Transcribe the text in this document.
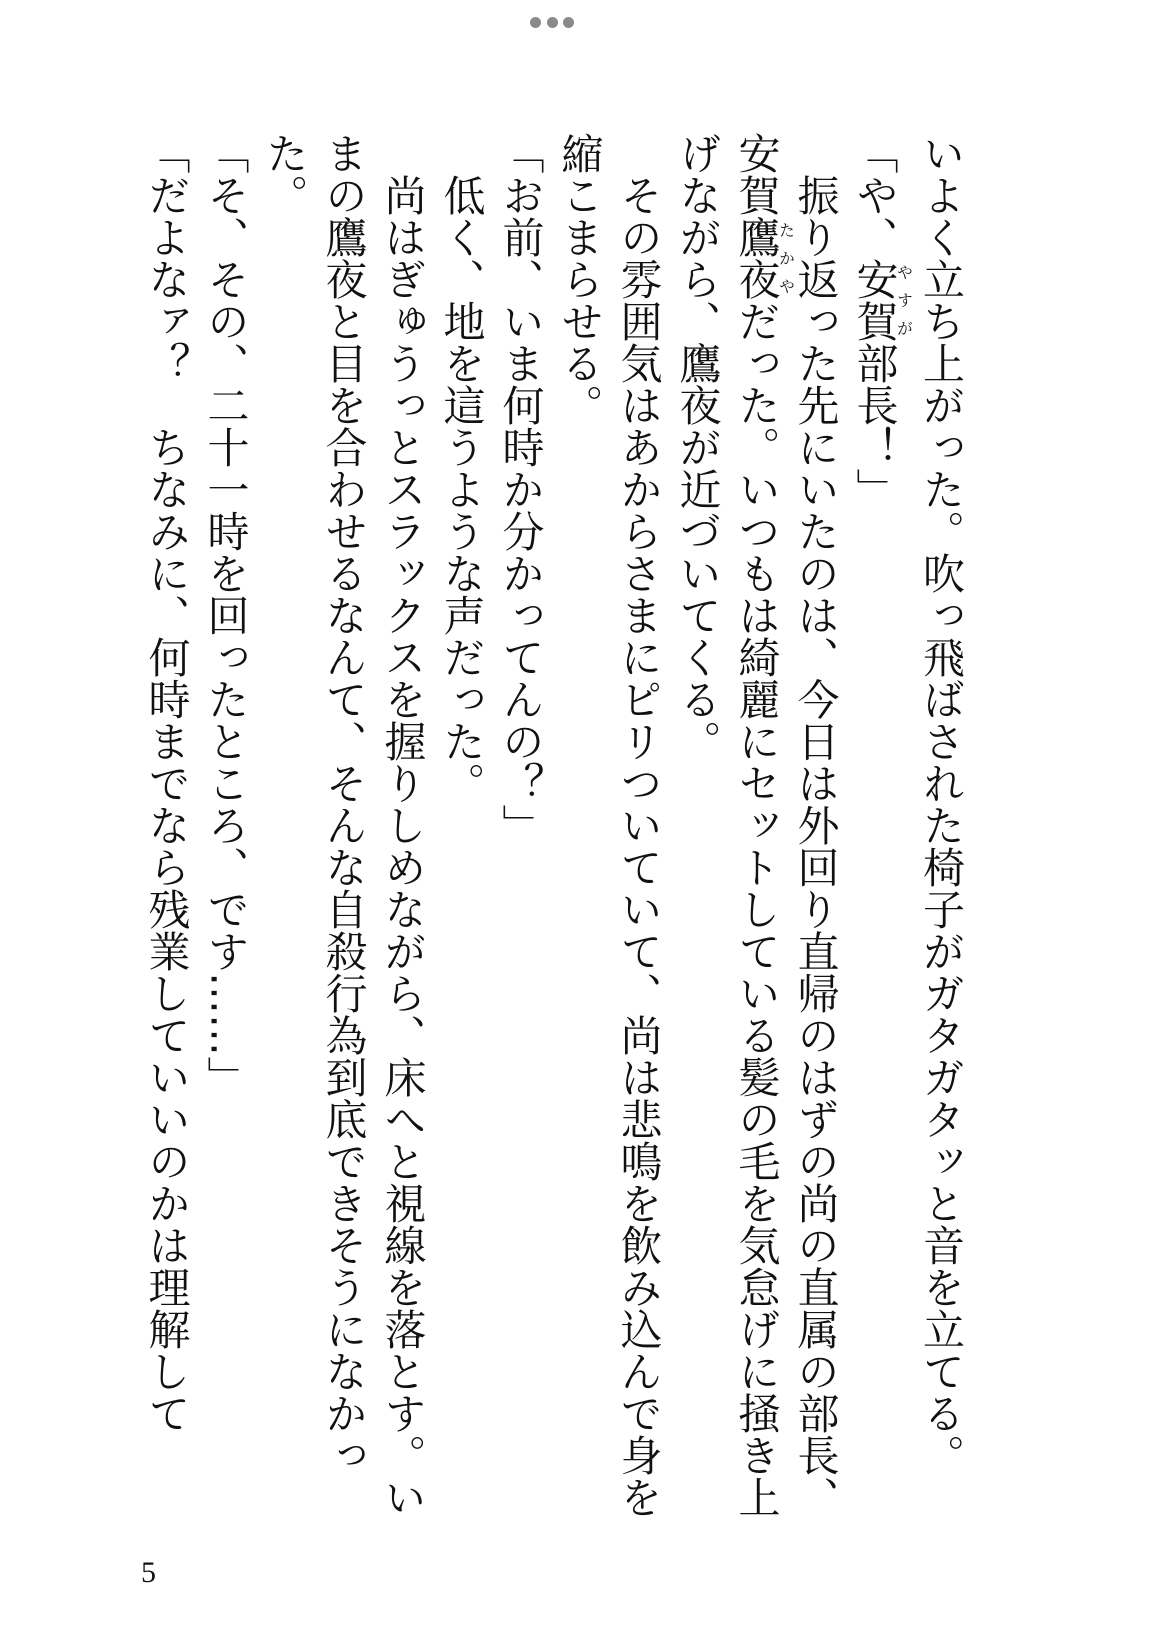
いよく立ち上がった。吹っ飛ばされた椅子がガタガタッと音を立てる。

「や、安賀やすが部長！」

振り返った先にいたのは、今日は外回り直帰のはずの尚の直属の部長、安賀鷹夜たかやだった。いつもは綺麗にセットしている髪の毛を気怠げに掻き上げながら、鷹夜が近づいてくる。

その雰囲気はあからさまにピリついていて、尚は悲鳴を飲み込んで身を縮こまらせる。

「お前、いま何時か分かってんの？」

低く、地を這うような声だった。

尚はぎゅうっとスラックスを握りしめながら、床へと視線を落とす。いまの鷹夜と目を合わせるなんて、そんな自殺行為到底できそうになかった。

「そ、その、二十一時を回ったところ、です……」

「だよなァ？　ちなみに、何時までなら残業していいのかは理解して

5
